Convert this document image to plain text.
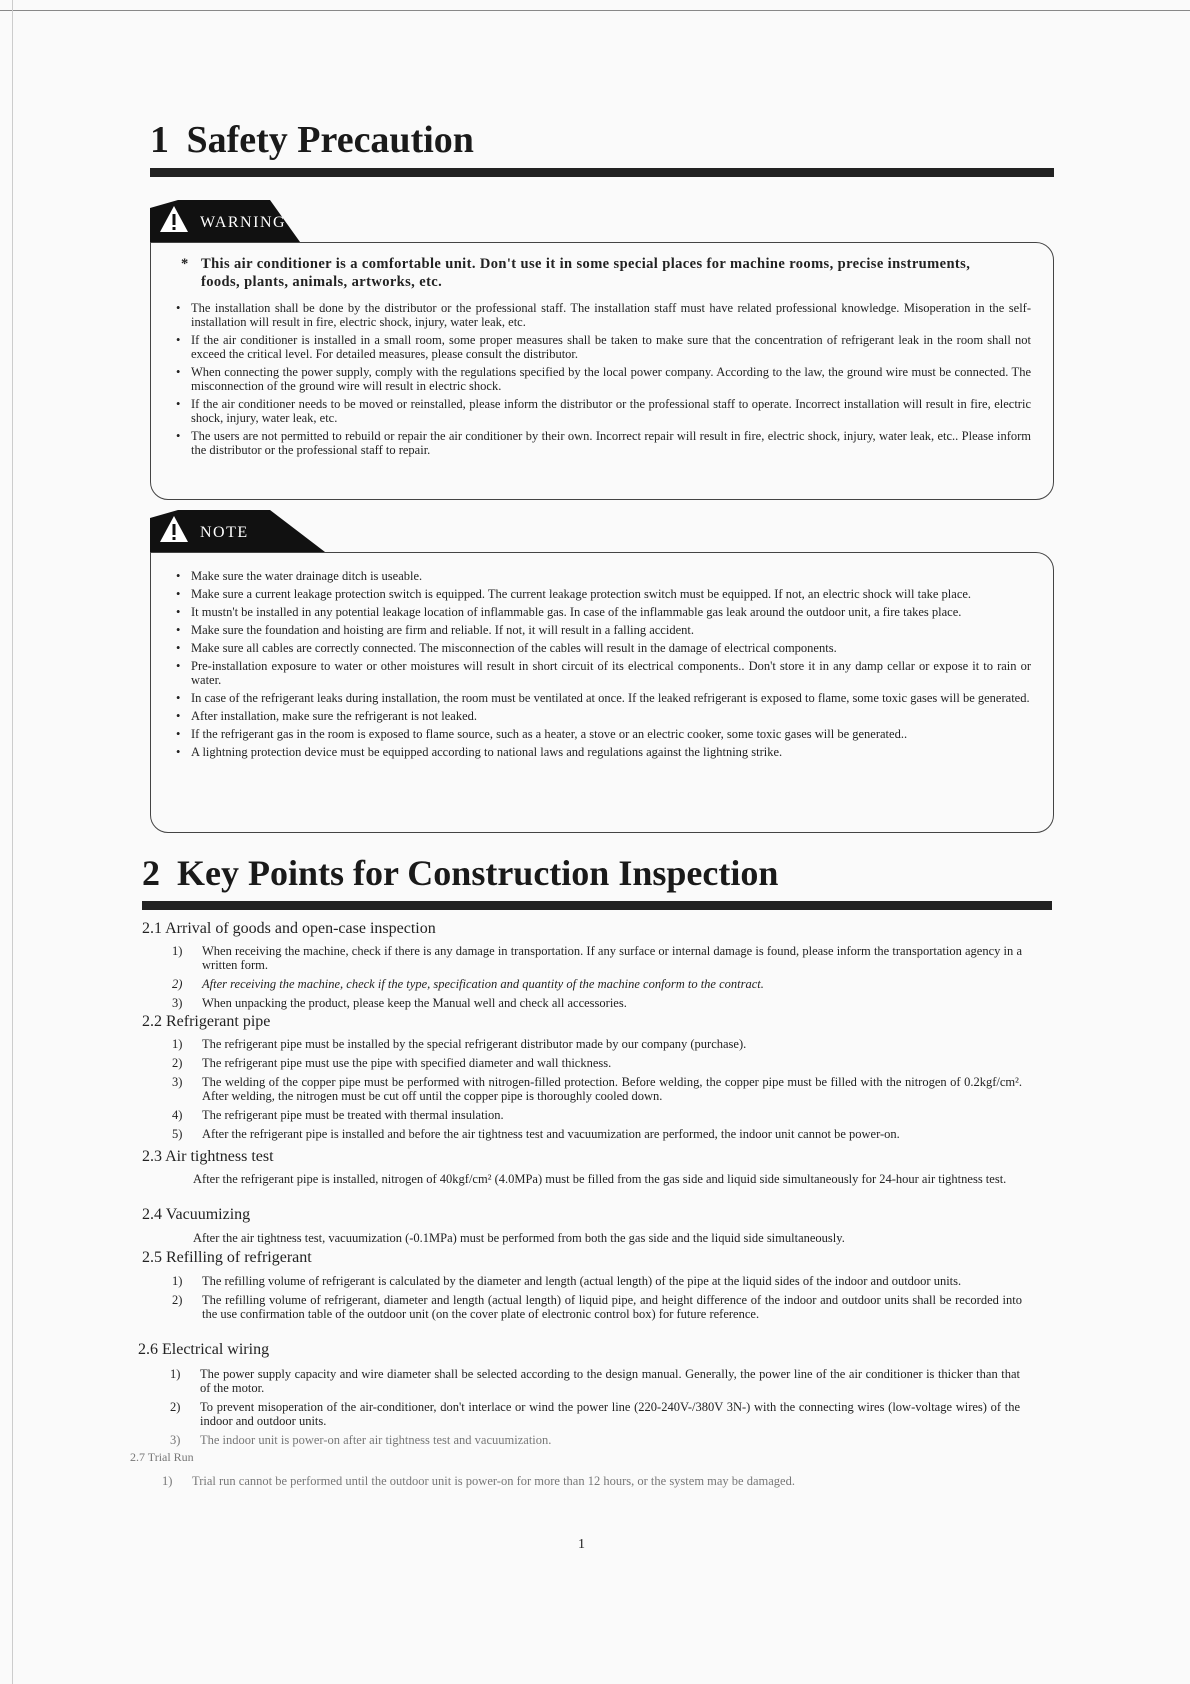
1 Safety Precaution
WARNING
* This air conditioner is a comfortable unit. Don't use it in some special places for machine rooms, precise instruments, foods, plants, animals, artworks, etc.
• The installation shall be done by the distributor or the professional staff. The installation staff must have related professional knowledge. Misoperation in the self-installation will result in fire, electric shock, injury, water leak, etc.
• If the air conditioner is installed in a small room, some proper measures shall be taken to make sure that the concentration of refrigerant leak in the room shall not exceed the critical level. For detailed measures, please consult the distributor.
• When connecting the power supply, comply with the regulations specified by the local power company. According to the law, the ground wire must be connected. The misconnection of the ground wire will result in electric shock.
• If the air conditioner needs to be moved or reinstalled, please inform the distributor or the professional staff to operate. Incorrect installation will result in fire, electric shock, injury, water leak, etc.
• The users are not permitted to rebuild or repair the air conditioner by their own. Incorrect repair will result in fire, electric shock, injury, water leak, etc.. Please inform the distributor or the professional staff to repair.
NOTE
• Make sure the water drainage ditch is useable.
• Make sure a current leakage protection switch is equipped. The current leakage protection switch must be equipped. If not, an electric shock will take place.
• It mustn't be installed in any potential leakage location of inflammable gas. In case of the inflammable gas leak around the outdoor unit, a fire takes place.
• Make sure the foundation and hoisting are firm and reliable. If not, it will result in a falling accident.
• Make sure all cables are correctly connected. The misconnection of the cables will result in the damage of electrical components.
• Pre-installation exposure to water or other moistures will result in short circuit of its electrical components.. Don't store it in any damp cellar or expose it to rain or water.
• In case of the refrigerant leaks during installation, the room must be ventilated at once. If the leaked refrigerant is exposed to flame, some toxic gases will be generated.
• After installation, make sure the refrigerant is not leaked.
• If the refrigerant gas in the room is exposed to flame source, such as a heater, a stove or an electric cooker, some toxic gases will be generated..
• A lightning protection device must be equipped according to national laws and regulations against the lightning strike.
2 Key Points for Construction Inspection
2.1 Arrival of goods and open-case inspection
1) When receiving the machine, check if there is any damage in transportation. If any surface or internal damage is found, please inform the transportation agency in a written form.
2) After receiving the machine, check if the type, specification and quantity of the machine conform to the contract.
3) When unpacking the product, please keep the Manual well and check all accessories.
2.2 Refrigerant pipe
1) The refrigerant pipe must be installed by the special refrigerant distributor made by our company (purchase).
2) The refrigerant pipe must use the pipe with specified diameter and wall thickness.
3) The welding of the copper pipe must be performed with nitrogen-filled protection. Before welding, the copper pipe must be filled with the nitrogen of 0.2kgf/cm². After welding, the nitrogen must be cut off until the copper pipe is thoroughly cooled down.
4) The refrigerant pipe must be treated with thermal insulation.
5) After the refrigerant pipe is installed and before the air tightness test and vacuumization are performed, the indoor unit cannot be power-on.
2.3 Air tightness test
After the refrigerant pipe is installed, nitrogen of 40kgf/cm² (4.0MPa) must be filled from the gas side and liquid side simultaneously for 24-hour air tightness test.
2.4 Vacuumizing
After the air tightness test, vacuumization (-0.1MPa) must be performed from both the gas side and the liquid side simultaneously.
2.5 Refilling of refrigerant
1) The refilling volume of refrigerant is calculated by the diameter and length (actual length) of the pipe at the liquid sides of the indoor and outdoor units.
2) The refilling volume of refrigerant, diameter and length (actual length) of liquid pipe, and height difference of the indoor and outdoor units shall be recorded into the use confirmation table of the outdoor unit (on the cover plate of electronic control box) for future reference.
2.6 Electrical wiring
1) The power supply capacity and wire diameter shall be selected according to the design manual. Generally, the power line of the air conditioner is thicker than that of the motor.
2) To prevent misoperation of the air-conditioner, don't interlace or wind the power line (220-240V-/380V 3N-) with the connecting wires (low-voltage wires) of the indoor and outdoor units.
3) The indoor unit is power-on after air tightness test and vacuumization.
2.7 Trial Run
1) Trial run cannot be performed until the outdoor unit is power-on for more than 12 hours, or the system may be damaged.
1
